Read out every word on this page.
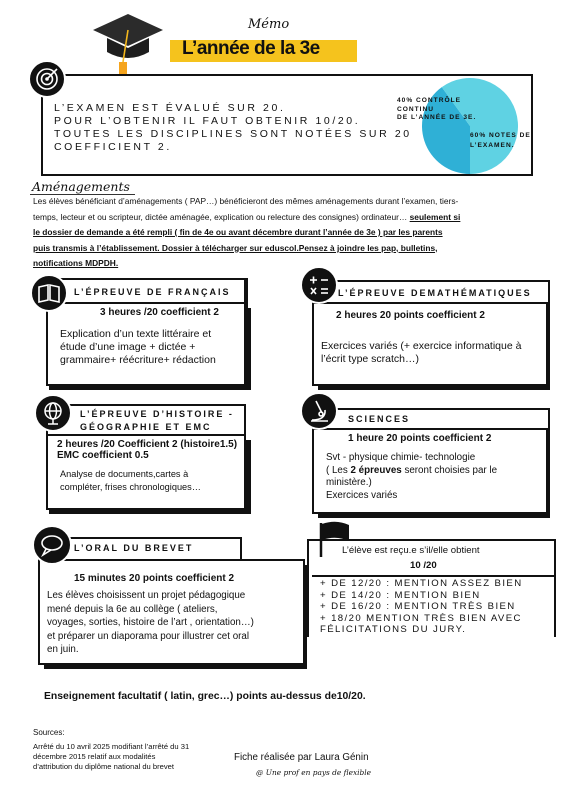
Mémo
L’année de la 3e
L’EXAMEN EST ÉVALUÉ SUR 20.
POUR L’OBTENIR IL FAUT OBTENIR 10/20.
TOUTES LES DISCIPLINES SONT NOTÉES SUR 20
COEFFICIENT 2.
40% CONTRÔLE
CONTINU
DE L’ANNÉE DE 3E.
60% NOTES DE
L’EXAMEN.
Aménagements
Les élèves bénéficiant d’aménagements ( PAP…) bénéficieront des mêmes aménagements durant l’examen, tiers-
temps, lecteur et ou scripteur, dictée aménagée, explication ou relecture des consignes) ordinateur… seulement si
le dossier de demande a été rempli ( fin de 4e ou avant décembre durant l’année de 3e ) par les parents
puis transmis à l’établissement. Dossier à télécharger sur eduscol.Pensez à joindre les pap, bulletins,
notifications MDPDH.
L’ÉPREUVE DE FRANÇAIS
3 heures /20 coefficient 2
Explication d’un texte littéraire et
étude d’une image + dictée +
grammaire+ réécriture+ rédaction
L’ÉPREUVE DEMATHÉMATIQUES
2 heures 20 points coefficient 2
Exercices variés (+ exercice informatique à
l’écrit type scratch…)
L’ÉPREUVE D’HISTOIRE -
GÉOGRAPHIE ET EMC
2 heures /20 Coefficient 2 (histoire1.5)
EMC coefficient 0.5
Analyse de documents,cartes à
compléter, frises chronologiques…
SCIENCES
1 heure 20 points coefficient 2
Svt - physique chimie- technologie
( Les 2 épreuves seront choisies par le
ministère.)
Exercices variés
L’ORAL DU BREVET
15 minutes 20 points coefficient 2
Les élèves choisissent un projet pédagogique
mené depuis la 6e au collège ( ateliers,
voyages, sorties, histoire de l’art , orientation…)
et préparer un diaporama pour illustrer cet oral
en juin.
L’élève est reçu.e s’il/elle obtient
10 /20
+ DE 12/20 : MENTION ASSEZ BIEN
+ DE 14/20 : MENTION BIEN
+ DE 16/20 : MENTION TRÈS BIEN
+ 18/20 MENTION TRÈS BIEN AVEC
FÉLICITATIONS DU JURY.
Enseignement facultatif ( latin, grec…) points au-dessus de10/20.
Sources:
Arrêté du 10 avril 2025 modifiant l’arrêté du 31
décembre 2015 relatif aux modalités
d’attribution du diplôme national du brevet
Fiche réalisée par Laura Génin
@ Une prof en pays de flexible
